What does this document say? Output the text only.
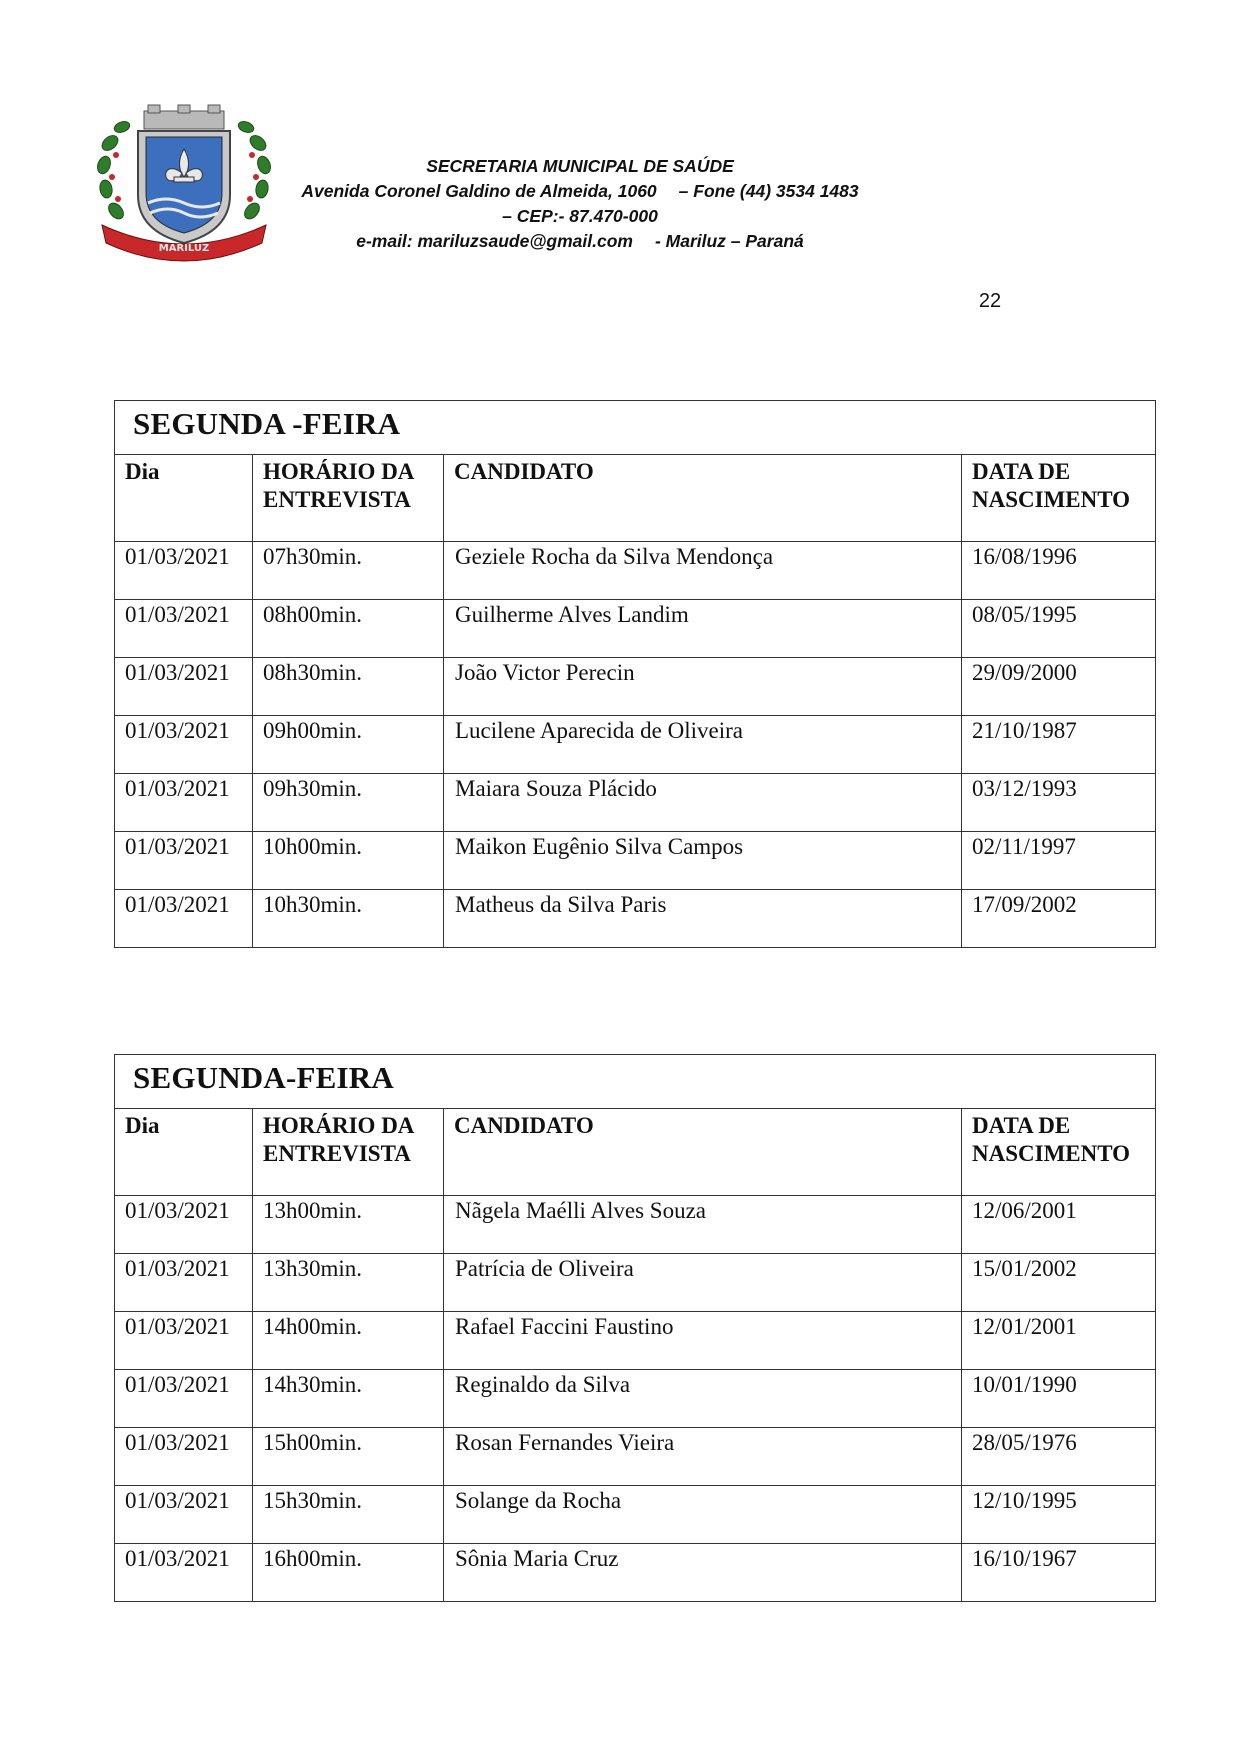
MARILUZ
SECRETARIA MUNICIPAL DE SAÚDE
Avenida Coronel Galdino de Almeida, 1060 – Fone (44) 3534 1483
– CEP:- 87.470-000
e-mail: mariluzsaude@gmail.com - Mariluz – Paraná
22
SEGUNDA -FEIRA			

Dia	HORÁRIO DA ENTREVISTA	CANDIDATO	DATA DE NASCIMENTO

01/03/2021	07h30min.	Geziele Rocha da Silva Mendonça	16/08/1996

01/03/2021	08h00min.	Guilherme Alves Landim	08/05/1995

01/03/2021	08h30min.	João Victor Perecin	29/09/2000

01/03/2021	09h00min.	Lucilene Aparecida de Oliveira	21/10/1987

01/03/2021	09h30min.	Maiara Souza Plácido	03/12/1993

01/03/2021	10h00min.	Maikon Eugênio Silva Campos	02/11/1997

01/03/2021	10h30min.	Matheus da Silva Paris	17/09/2002
SEGUNDA-FEIRA			

Dia	HORÁRIO DA ENTREVISTA	CANDIDATO	DATA DE NASCIMENTO

01/03/2021	13h00min.	Nãgela Maélli Alves Souza	12/06/2001

01/03/2021	13h30min.	Patrícia de Oliveira	15/01/2002

01/03/2021	14h00min.	Rafael Faccini Faustino	12/01/2001

01/03/2021	14h30min.	Reginaldo da Silva	10/01/1990

01/03/2021	15h00min.	Rosan Fernandes Vieira	28/05/1976

01/03/2021	15h30min.	Solange da Rocha	12/10/1995

01/03/2021	16h00min.	Sônia Maria Cruz	16/10/1967
